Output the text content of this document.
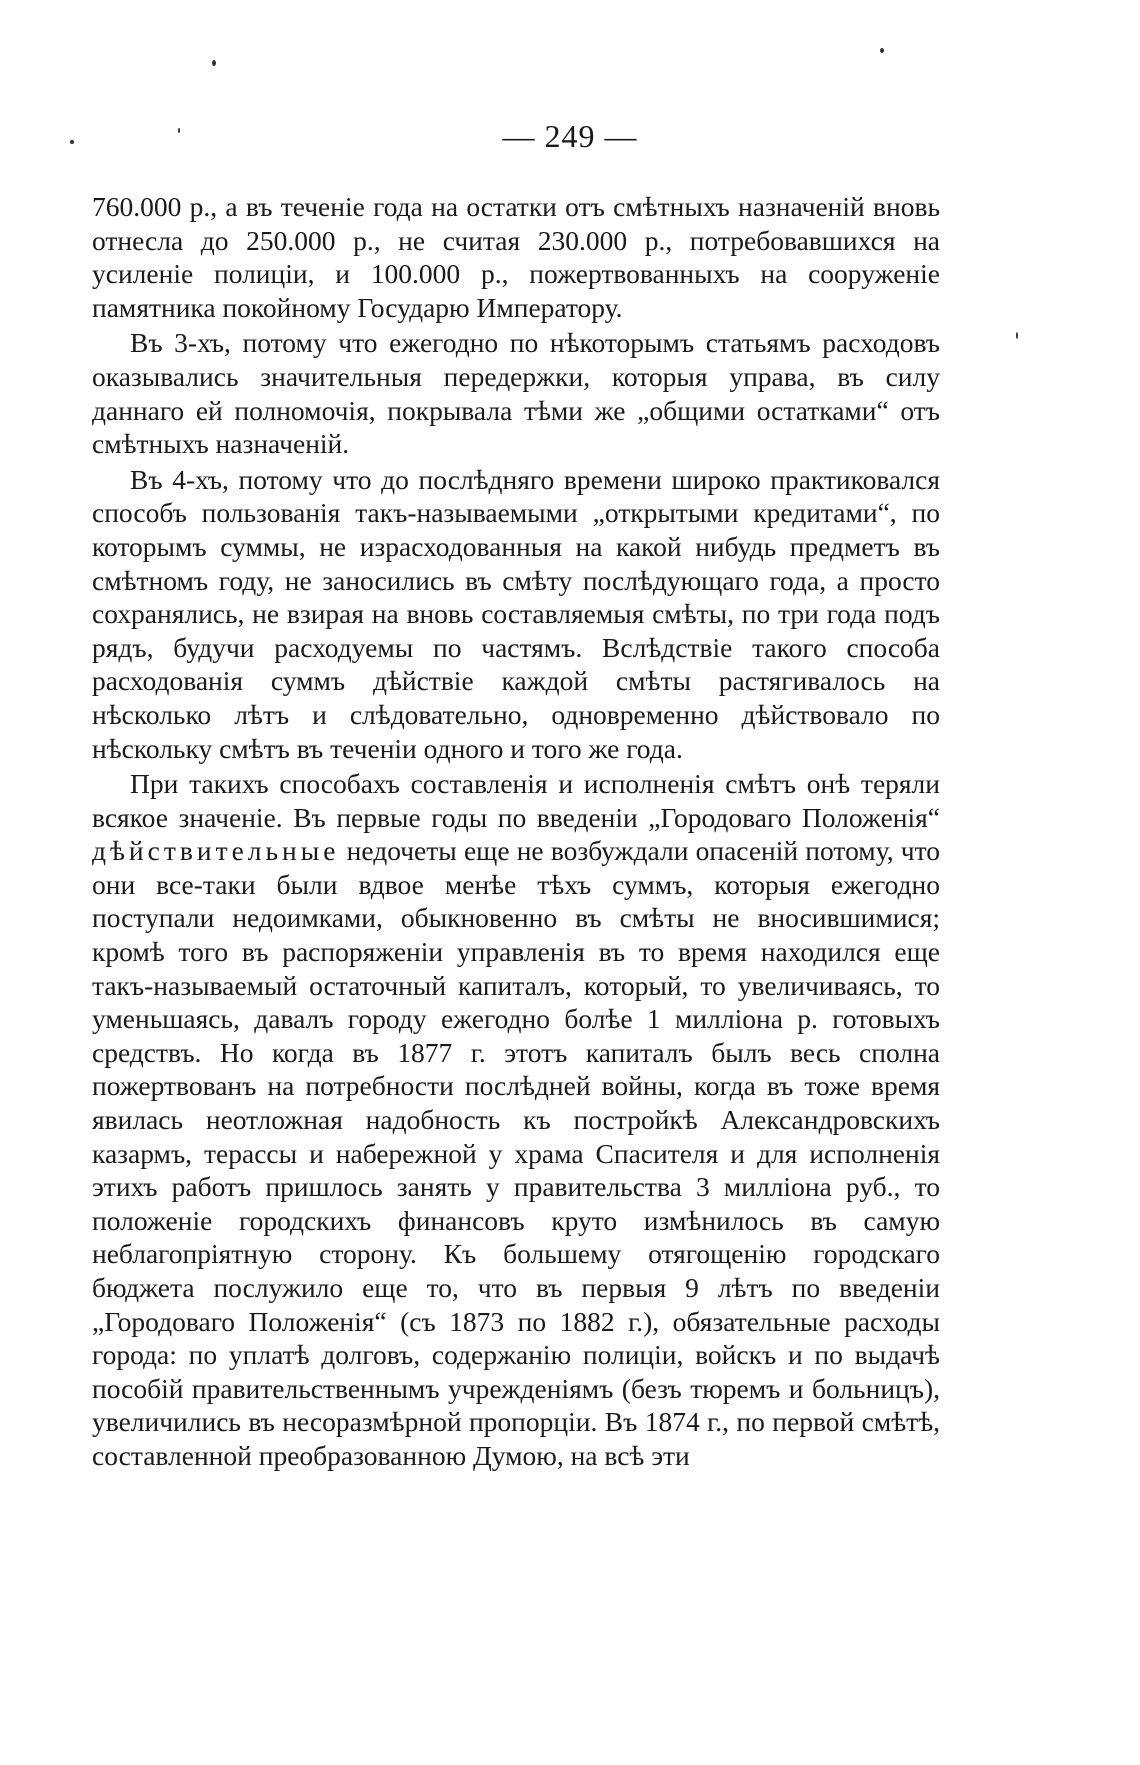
— 249 —

760.000 р., а въ теченіе года на остатки отъ смѣтныхъ назначеній вновь отнесла до 250.000 р., не считая 230.000 р., потребовавшихся на усиленіе полиціи, и 100.000 р., пожертвованныхъ на сооруженіе памятника покойному Государю Императору.

Въ 3-хъ, потому что ежегодно по нѣкоторымъ статьямъ расходовъ оказывались значительныя передержки, которыя управа, въ силу даннаго ей полномочія, покрывала тѣми же „общими остатками“ отъ смѣтныхъ назначеній.

Въ 4-хъ, потому что до послѣдняго времени широко практиковался способъ пользованія такъ-называемыми „открытыми кредитами“, по которымъ суммы, не израсходованныя на какой нибудь предметъ въ смѣтномъ году, не заносились въ смѣту послѣдующаго года, а просто сохранялись, не взирая на вновь составляемыя смѣты, по три года подъ рядъ, будучи расходуемы по частямъ. Вслѣдствіе такого способа расходованія суммъ дѣйствіе каждой смѣты растягивалось на нѣсколько лѣтъ и слѣдовательно, одновременно дѣйствовало по нѣскольку смѣтъ въ теченіи одного и того же года.

При такихъ способахъ составленія и исполненія смѣтъ онѣ теряли всякое значеніе. Въ первые годы по введеніи „Городоваго Положенія“ дѣйствительные недочеты еще не возбуждали опасеній потому, что они все-таки были вдвое менѣе тѣхъ суммъ, которыя ежегодно поступали недоимками, обыкновенно въ смѣты не вносившимися; кромѣ того въ распоряженіи управленія въ то время находился еще такъ-называемый остаточный капиталъ, который, то увеличиваясь, то уменьшаясь, давалъ городу ежегодно болѣе 1 милліона р. готовыхъ средствъ. Но когда въ 1877 г. этотъ капиталъ былъ весь сполна пожертвованъ на потребности послѣдней войны, когда въ тоже время явилась неотложная надобность къ постройкѣ Александровскихъ казармъ, терассы и набережной у храма Спасителя и для исполненія этихъ работъ пришлось занять у правительства 3 милліона руб., то положеніе городскихъ финансовъ круто измѣнилось въ самую неблагопріятную сторону. Къ большему отягощенію городскаго бюджета послужило еще то, что въ первыя 9 лѣтъ по введеніи „Городоваго Положенія“ (съ 1873 по 1882 г.), обязательные расходы города: по уплатѣ долговъ, содержанію полиціи, войскъ и по выдачѣ пособій правительственнымъ учрежденіямъ (безъ тюремъ и больницъ), увеличились въ несоразмѣрной пропорціи. Въ 1874 г., по первой смѣтѣ, составленной преобразованною Думою, на всѣ эти
